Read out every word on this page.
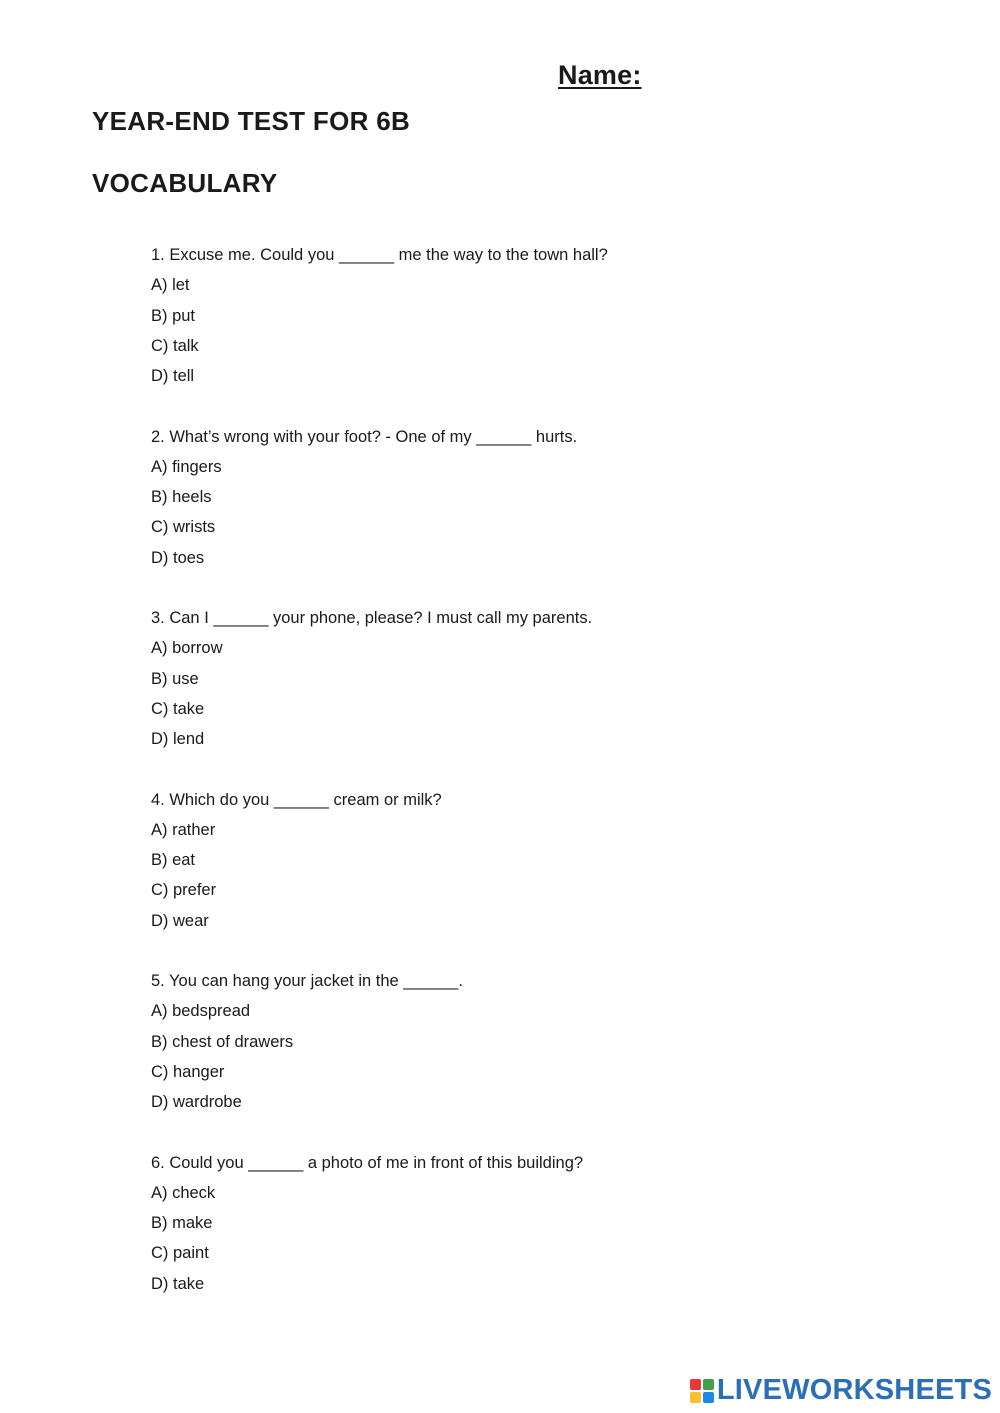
Name:
YEAR-END TEST FOR 6B
VOCABULARY
1. Excuse me. Could you ______ me the way to the town hall?
A) let
B) put
C) talk
D) tell
2. What’s wrong with your foot? - One of my ______ hurts.
A) fingers
B) heels
C) wrists
D) toes
3. Can I ______ your phone, please? I must call my parents.
A) borrow
B) use
C) take
D) lend
4. Which do you ______ cream or milk?
A) rather
B) eat
C) prefer
D) wear
5. You can hang your jacket in the ______.
A) bedspread
B) chest of drawers
C) hanger
D) wardrobe
6. Could you ______ a photo of me in front of this building?
A) check
B) make
C) paint
D) take
LIVEWORKSHEETS
